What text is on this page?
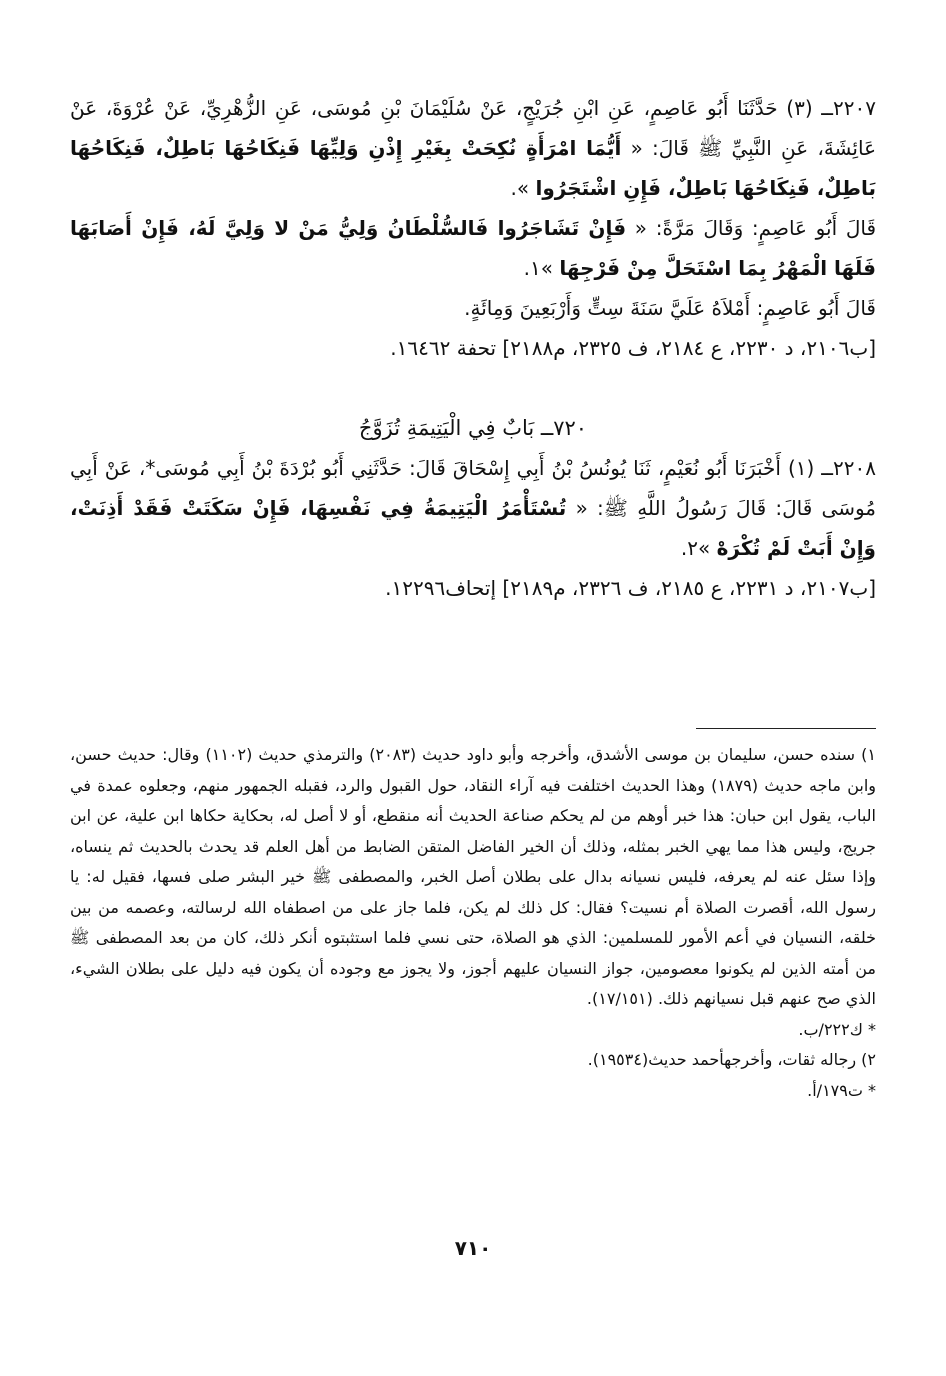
٢٢٠٧ــ (٣) حَدَّثَنَا أَبُو عَاصِمٍ، عَنِ ابْنِ جُرَيْجٍ، عَنْ سُلَيْمَانَ بْنِ مُوسَى، عَنِ الزُّهْرِيِّ، عَنْ عُرْوَةَ، عَنْ عَائِشَةَ، عَنِ النَّبِيِّ ﷺ قَالَ: « أَيُّمَا امْرَأَةٍ نُكِحَتْ بِغَيْرِ إِذْنِ وَلِيِّهَا فَنِكَاحُهَا بَاطِلٌ، فَنِكَاحُهَا بَاطِلٌ، فَنِكَاحُهَا بَاطِلٌ، فَإِنِ اشْتَجَرُوا ».

قَالَ أَبُو عَاصِمٍ: وَقَالَ مَرَّةً: « فَإِنْ تَشَاجَرُوا فَالسُّلْطَانُ وَلِيُّ مَنْ لا وَلِيَّ لَهُ، فَإِنْ أَصَابَهَا فَلَهَا الْمَهْرُ بِمَا اسْتَحَلَّ مِنْ فَرْجِهَا »١.

قَالَ أَبُو عَاصِمٍ: أَمْلاَهُ عَلَيَّ سَنَةَ سِتٍّ وَأَرْبَعِينَ وَمِائَةٍ.

[ب٢١٠٦، د ٢٢٣٠، ع ٢١٨٤، ف ٢٣٢٥، م٢١٨٨] تحفة ١٦٤٦٢.

٧٢٠ــ بَابٌ فِي الْيَتِيمَةِ تُزَوَّجُ

٢٢٠٨ــ (١) أَخْبَرَنَا أَبُو نُعَيْمٍ، ثَنَا يُونُسُ بْنُ أَبِي إِسْحَاقَ قَالَ: حَدَّثَنِي أَبُو بُرْدَةَ بْنُ أَبِي مُوسَى*، عَنْ أَبِي مُوسَى قَالَ: قَالَ رَسُولُ اللَّهِ ﷺ: « تُسْتَأْمَرُ الْيَتِيمَةُ فِي نَفْسِهَا، فَإِنْ سَكَتَتْ فَقَدْ أَذِنَتْ، وَإِنْ أَبَتْ لَمْ تُكْرَهْ »٢.

[ب٢١٠٧، د ٢٢٣١، ع ٢١٨٥، ف ٢٣٢٦، م٢١٨٩] إتحاف١٢٢٩٦.

١) سنده حسن، سليمان بن موسى الأشدق، وأخرجه وأبو داود حديث (٢٠٨٣) والترمذي حديث (١١٠٢) وقال: حديث حسن، وابن ماجه حديث (١٨٧٩) وهذا الحديث اختلفت فيه آراء النقاد، حول القبول والرد، فقبله الجمهور منهم، وجعلوه عمدة في الباب، يقول ابن حبان: هذا خبر أوهم من لم يحكم صناعة الحديث أنه منقطع، أو لا أصل له، بحكاية حكاها ابن علية، عن ابن جريج، وليس هذا مما يهي الخبر بمثله، وذلك أن الخير الفاضل المتقن الضابط من أهل العلم قد يحدث بالحديث ثم ينساه، وإذا سئل عنه لم يعرفه، فليس نسيانه بدال على بطلان أصل الخبر، والمصطفى ﷺ خير البشر صلى فسها، فقيل له: يا رسول الله، أقصرت الصلاة أم نسيت؟ فقال: كل ذلك لم يكن، فلما جاز على من اصطفاه الله لرسالته، وعصمه من بين خلقه، النسيان في أعم الأمور للمسلمين: الذي هو الصلاة، حتى نسي فلما استثبتوه أنكر ذلك، كان من بعد المصطفى ﷺ من أمته الذين لم يكونوا معصومين، جواز النسيان عليهم أجوز، ولا يجوز مع وجوده أن يكون فيه دليل على بطلان الشيء، الذي صح عنهم قبل نسيانهم ذلك. (١٧/١٥١).

* ك٢٢٢/ب.

٢) رجاله ثقات، وأخرجهأحمد حديث(١٩٥٣٤).

* ت١٧٩/أ.

٧١٠
